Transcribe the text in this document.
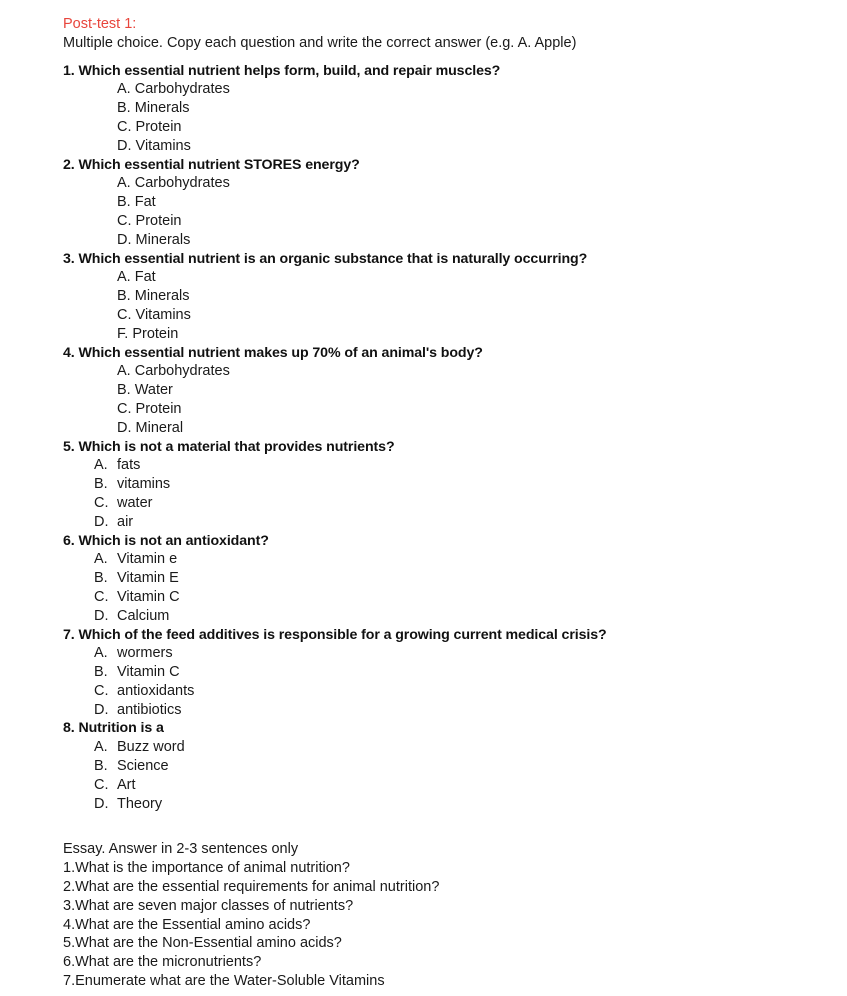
Post-test 1:
Multiple choice. Copy each question and write the correct answer (e.g. A. Apple)
1. Which essential nutrient helps form, build, and repair muscles?
A. Carbohydrates
B. Minerals
C. Protein
D. Vitamins
2. Which essential nutrient STORES energy?
A. Carbohydrates
B. Fat
C. Protein
D. Minerals
3. Which essential nutrient is an organic substance that is naturally occurring?
A. Fat
B. Minerals
C. Vitamins
F. Protein
4. Which essential nutrient makes up 70% of an animal's body?
A. Carbohydrates
B. Water
C. Protein
D. Mineral
5. Which is not a material that provides nutrients?
A. fats
B. vitamins
C. water
D. air
6. Which is not an antioxidant?
A. Vitamin e
B. Vitamin E
C. Vitamin C
D. Calcium
7. Which of the feed additives is responsible for a growing current medical crisis?
A. wormers
B. Vitamin C
C. antioxidants
D. antibiotics
8. Nutrition is a
A. Buzz word
B. Science
C. Art
D. Theory
Essay. Answer in 2-3 sentences only
1.What is the importance of animal nutrition?
2.What are the essential requirements for animal nutrition?
3.What are seven major classes of nutrients?
4.What are the Essential amino acids?
5.What are the Non-Essential amino acids?
6.What are the micronutrients?
7.Enumerate what are the Water-Soluble Vitamins
